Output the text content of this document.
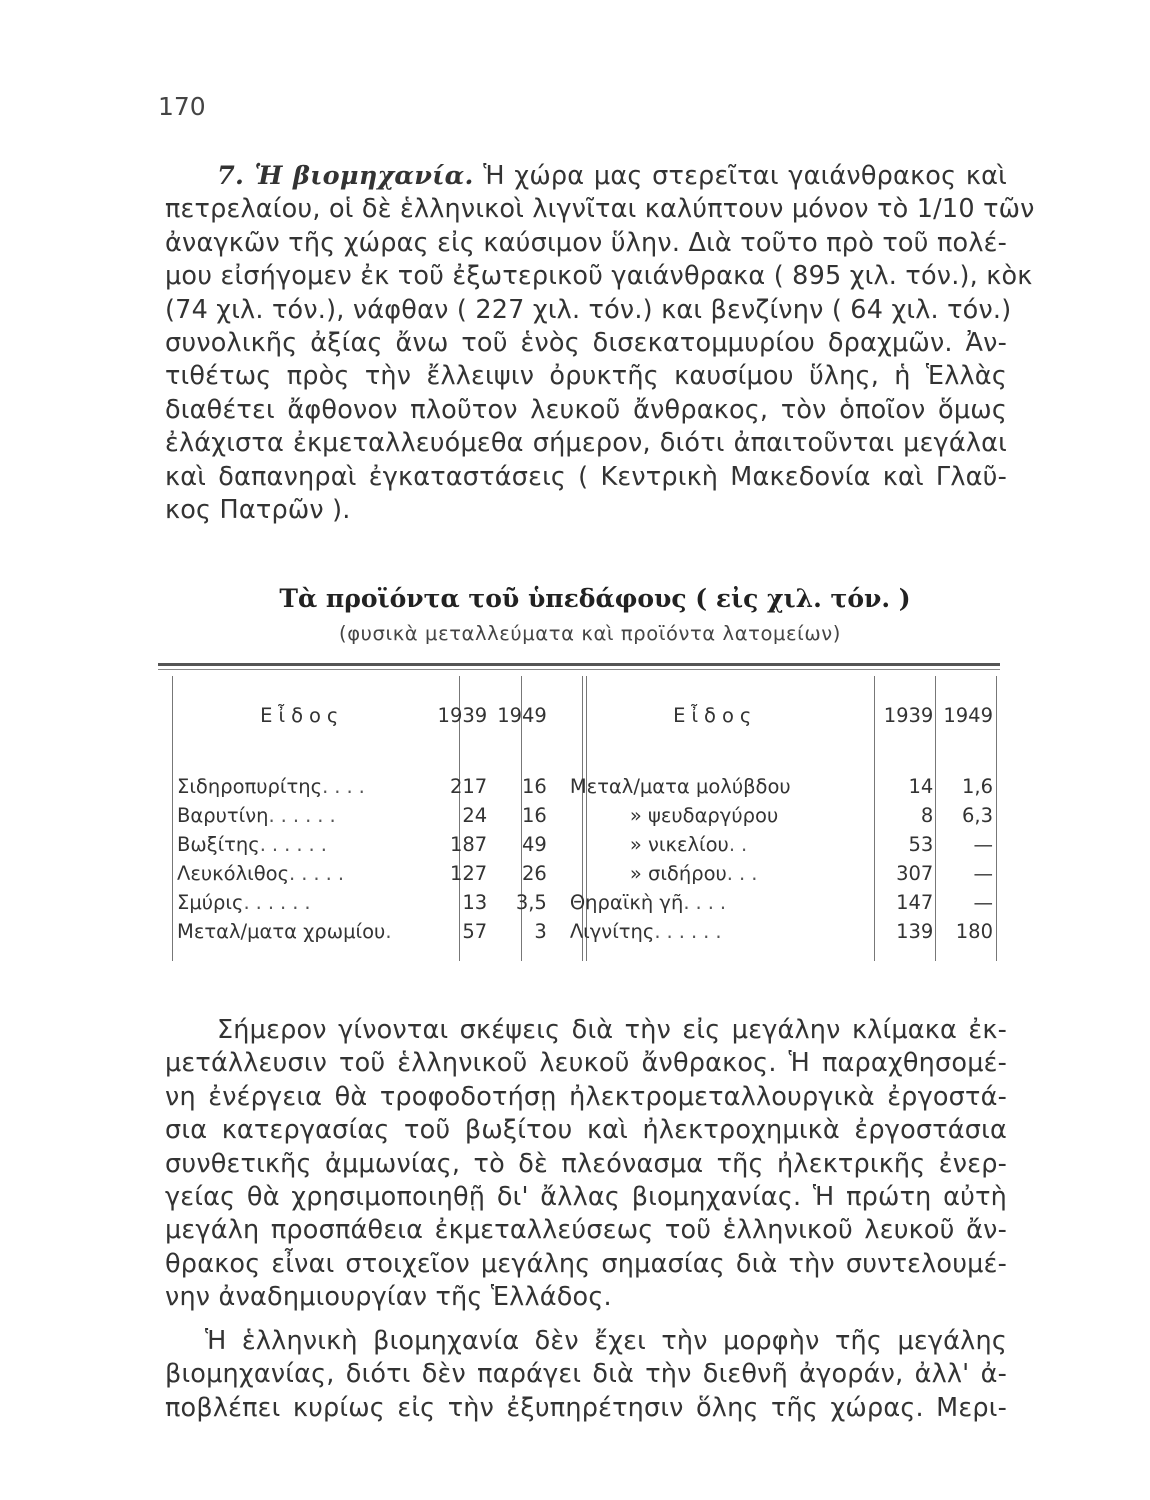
170
7. Ἡ βιομηχανία. Ἡ χώρα μας στερεῖται γαιάνθρακος καὶ
πετρελαίου, οἱ δὲ ἑλληνικοὶ λιγνῖται καλύπτουν μόνον τὸ 1/10 τῶν
ἀναγκῶν τῆς χώρας εἰς καύσιμον ὕλην. Διὰ τοῦτο πρὸ τοῦ πολέ-
μου εἰσήγομεν ἐκ τοῦ ἐξωτερικοῦ γαιάνθρακα ( 895 χιλ. τόν.), κὸκ
(74 χιλ. τόν.), νάφθαν ( 227 χιλ. τόν.) και βενζίνην ( 64 χιλ. τόν.)
συνολικῆς ἀξίας ἄνω τοῦ ἑνὸς δισεκατομμυρίου δραχμῶν. Ἀν-
τιθέτως πρὸς τὴν ἔλλειψιν ὀρυκτῆς καυσίμου ὕλης, ἡ Ἑλλὰς
διαθέτει ἄφθονον πλοῦτον λευκοῦ ἄνθρακος, τὸν ὁποῖον ὅμως
ἐλάχιστα ἐκμεταλλευόμεθα σήμερον, διότι ἀπαιτοῦνται μεγάλαι
καὶ δαπανηραὶ ἐγκαταστάσεις ( Κεντρικὴ Μακεδονία καὶ Γλαῦ-
κος Πατρῶν ).
Τὰ προϊόντα τοῦ ὑπεδάφους ( εἰς χιλ. τόν. )
(φυσικὰ μεταλλεύματα καὶ προϊόντα λατομείων)
Εἶδος	1939	1949	Εἶδος	1939	1949

Σιδηροπυρίτης....	217	16	Μεταλ/ματα μολύβδου	14	1,6
Βαρυτίνη......	24	16	» ψευδαργύρου	8	6,3
Βωξίτης......	187	49	» νικελίου..	53	—
Λευκόλιθος.....	127	26	» σιδήρου...	307	—
Σμύρις......	13	3,5	Θηραϊκὴ γῆ....	147	—
Μεταλ/ματα χρωμίου.	57	3	Λιγνίτης......	139	180
Σήμερον γίνονται σκέψεις διὰ τὴν εἰς μεγάλην κλίμακα ἐκ-
μετάλλευσιν τοῦ ἑλληνικοῦ λευκοῦ ἄνθρακος. Ἡ παραχθησομέ-
νη ἐνέργεια θὰ τροφοδοτήσῃ ἠλεκτρομεταλλουργικὰ ἐργοστά-
σια κατεργασίας τοῦ βωξίτου καὶ ἠλεκτροχημικὰ ἐργοστάσια
συνθετικῆς ἀμμωνίας, τὸ δὲ πλεόνασμα τῆς ἠλεκτρικῆς ἐνερ-
γείας θὰ χρησιμοποιηθῇ δι' ἄλλας βιομηχανίας. Ἡ πρώτη αὐτὴ
μεγάλη προσπάθεια ἐκμεταλλεύσεως τοῦ ἑλληνικοῦ λευκοῦ ἄν-
θρακος εἶναι στοιχεῖον μεγάλης σημασίας διὰ τὴν συντελουμέ-
νην ἀναδημιουργίαν τῆς Ἑλλάδος.
Ἡ ἑλληνικὴ βιομηχανία δὲν ἔχει τὴν μορφὴν τῆς μεγάλης
βιομηχανίας, διότι δὲν παράγει διὰ τὴν διεθνῆ ἀγοράν, ἀλλ' ἀ-
ποβλέπει κυρίως εἰς τὴν ἐξυπηρέτησιν ὅλης τῆς χώρας. Μερι-
